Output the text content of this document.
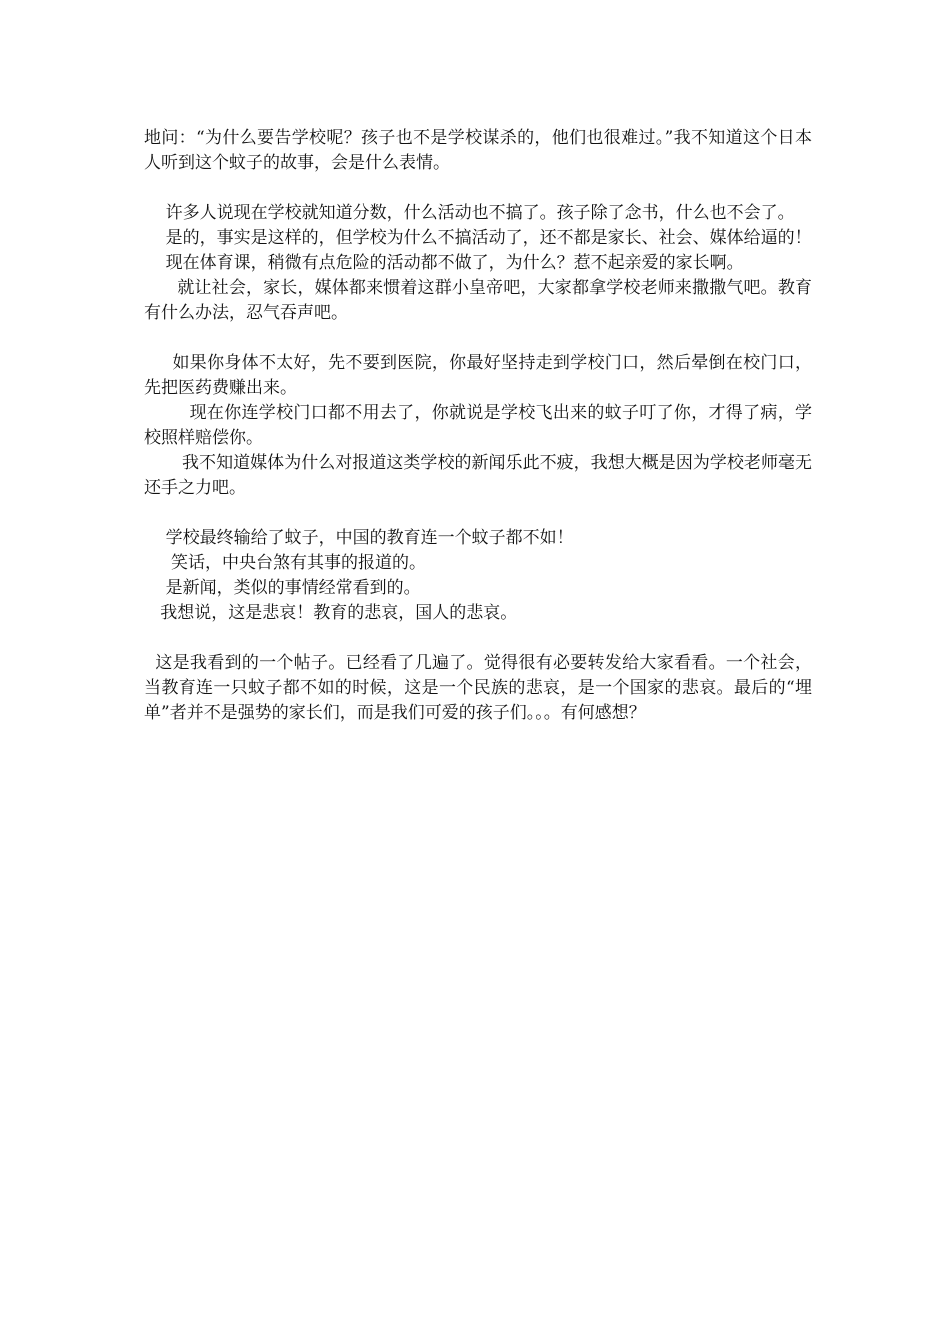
地问：“为什么要告学校呢？孩子也不是学校谋杀的，他们也很难过。”我不知道这个日本人听到这个蚊子的故事，会是什么表情。

许多人说现在学校就知道分数，什么活动也不搞了。孩子除了念书，什么也不会了。

是的，事实是这样的，但学校为什么不搞活动了，还不都是家长、社会、媒体给逼的！

现在体育课，稍微有点危险的活动都不做了，为什么？惹不起亲爱的家长啊。

就让社会，家长，媒体都来惯着这群小皇帝吧，大家都拿学校老师来撒撒气吧。教育有什么办法，忍气吞声吧。

如果你身体不太好，先不要到医院，你最好坚持走到学校门口，然后晕倒在校门口，先把医药费赚出来。

现在你连学校门口都不用去了，你就说是学校飞出来的蚊子叮了你，才得了病，学校照样赔偿你。

我不知道媒体为什么对报道这类学校的新闻乐此不疲，我想大概是因为学校老师毫无还手之力吧。

学校最终输给了蚊子，中国的教育连一个蚊子都不如！

笑话，中央台煞有其事的报道的。

是新闻，类似的事情经常看到的。

我想说，这是悲哀！教育的悲哀，国人的悲哀。

这是我看到的一个帖子。已经看了几遍了。觉得很有必要转发给大家看看。一个社会，当教育连一只蚊子都不如的时候，这是一个民族的悲哀，是一个国家的悲哀。最后的“埋单”者并不是强势的家长们，而是我们可爱的孩子们。。。有何感想？
